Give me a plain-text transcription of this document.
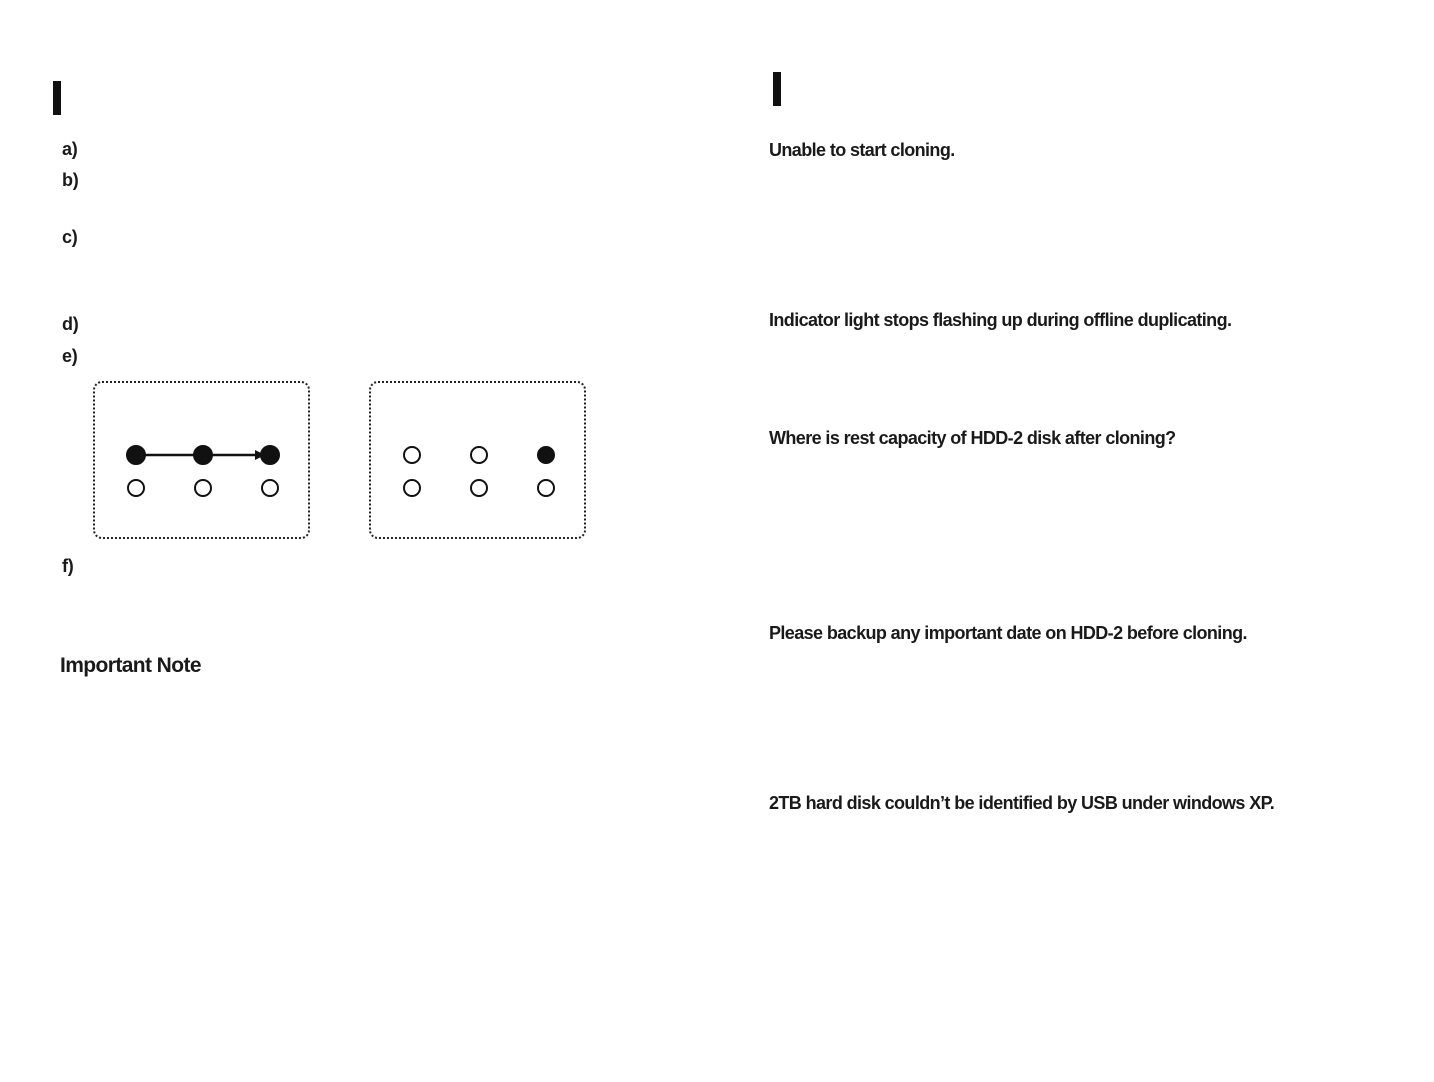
a)
b)
c)
d)
e)
f)
Important Note
Unable to start cloning.
Indicator light stops flashing up during offline duplicating.
Where is rest capacity of HDD-2 disk after cloning?
Please backup any important date on HDD-2 before cloning.
2TB hard disk couldn’t be identified by USB under windows XP.
